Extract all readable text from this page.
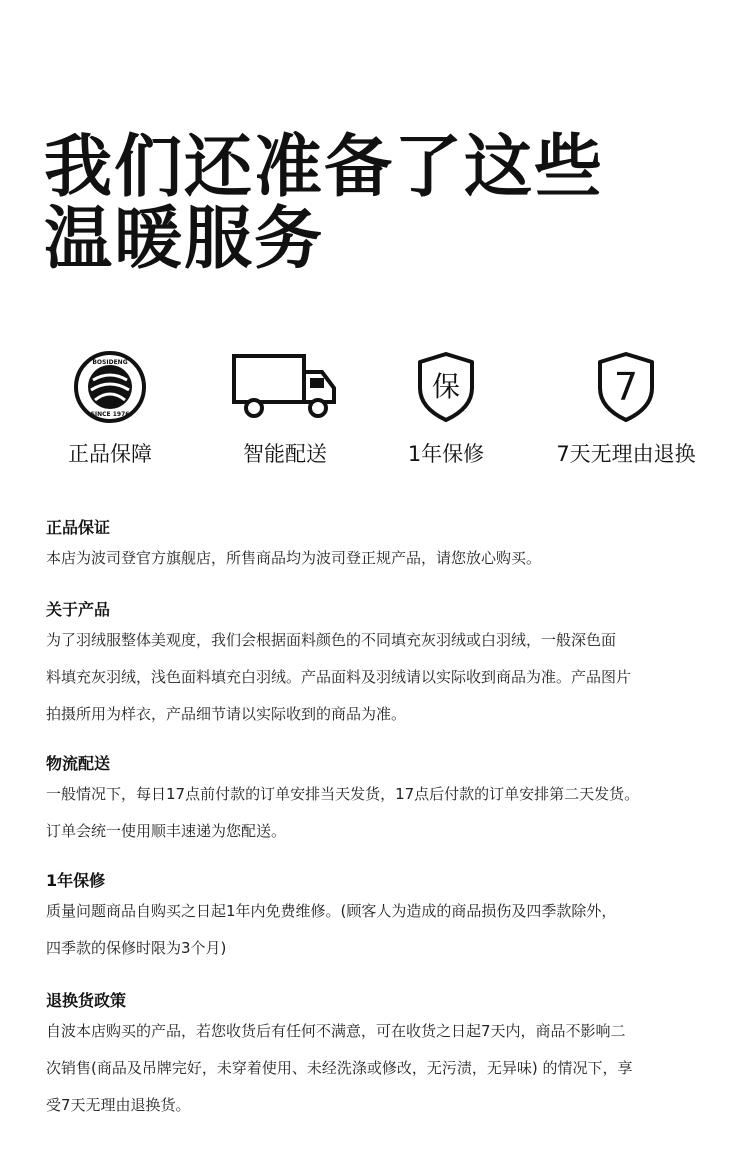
我们还准备了这些
温暖服务
BOSIDENG
SINCE 1976
正品保障	智能配送
保
1年保修
7
7天无理由退换

正品保证

本店为波司登官方旗舰店，所售商品均为波司登正规产品，请您放心购买。

关于产品

为了羽绒服整体美观度，我们会根据面料颜色的不同填充灰羽绒或白羽绒，一般深色面

料填充灰羽绒，浅色面料填充白羽绒。产品面料及羽绒请以实际收到商品为准。产品图片

拍摄所用为样衣，产品细节请以实际收到的商品为准。

物流配送

一般情况下，每日17点前付款的订单安排当天发货，17点后付款的订单安排第二天发货。

订单会统一使用顺丰速递为您配送。

1年保修

质量问题商品自购买之日起1年内免费维修。(顾客人为造成的商品损伤及四季款除外，

四季款的保修时限为3个月)

退换货政策

自波本店购买的产品，若您收货后有任何不满意，可在收货之日起7天内，商品不影响二

次销售(商品及吊牌完好，未穿着使用、未经洗涤或修改，无污渍，无异味) 的情况下，享

受7天无理由退换货。
